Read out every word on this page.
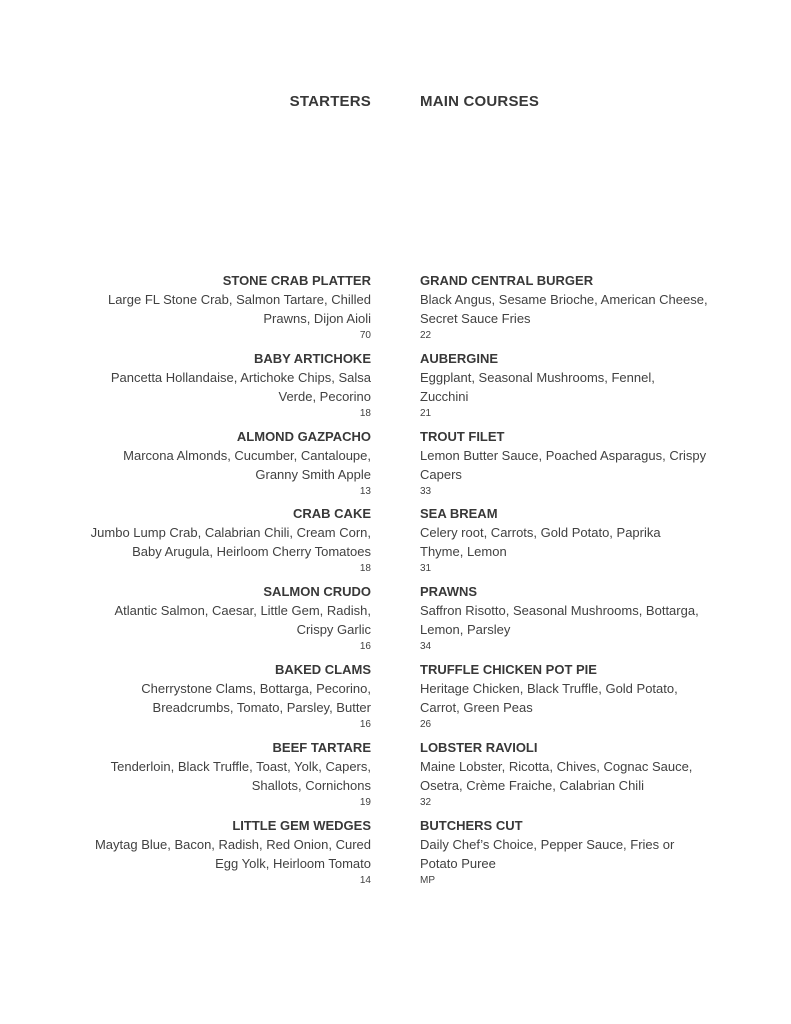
STARTERS	MAIN COURSES
STONE CRAB PLATTER
Large FL Stone Crab, Salmon Tartare, Chilled
Prawns, Dijon Aioli
70
BABY ARTICHOKE
Pancetta Hollandaise, Artichoke Chips, Salsa
Verde, Pecorino
18
ALMOND GAZPACHO
Marcona Almonds, Cucumber, Cantaloupe,
Granny Smith Apple
13
CRAB CAKE
Jumbo Lump Crab, Calabrian Chili, Cream Corn,
Baby Arugula, Heirloom Cherry Tomatoes
18
SALMON CRUDO
Atlantic Salmon, Caesar, Little Gem, Radish,
Crispy Garlic
16
BAKED CLAMS
Cherrystone Clams, Bottarga, Pecorino,
Breadcrumbs, Tomato, Parsley, Butter
16
BEEF TARTARE
Tenderloin, Black Truffle, Toast, Yolk, Capers,
Shallots, Cornichons
19
LITTLE GEM WEDGES
Maytag Blue, Bacon, Radish, Red Onion, Cured
Egg Yolk, Heirloom Tomato
14
GRAND CENTRAL BURGER
Black Angus, Sesame Brioche, American Cheese,
Secret Sauce Fries
22
AUBERGINE
Eggplant, Seasonal Mushrooms, Fennel,
Zucchini
21
TROUT FILET
Lemon Butter Sauce, Poached Asparagus, Crispy
Capers
33
SEA BREAM
Celery root, Carrots, Gold Potato, Paprika
Thyme, Lemon
31
PRAWNS
Saffron Risotto, Seasonal Mushrooms, Bottarga,
Lemon, Parsley
34
TRUFFLE CHICKEN POT PIE
Heritage Chicken, Black Truffle, Gold Potato,
Carrot, Green Peas
26
LOBSTER RAVIOLI
Maine Lobster, Ricotta, Chives, Cognac Sauce,
Osetra, Crème Fraiche, Calabrian Chili
32
BUTCHERS CUT
Daily Chef’s Choice, Pepper Sauce, Fries or
Potato Puree
MP
